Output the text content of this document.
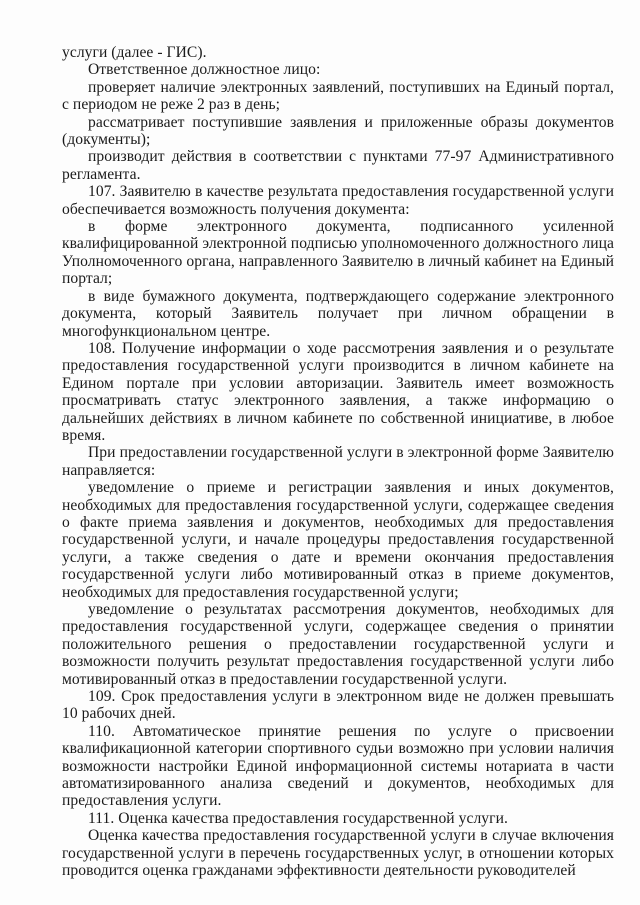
услуги (далее - ГИС).

Ответственное должностное лицо:

проверяет наличие электронных заявлений, поступивших на Единый портал, с периодом не реже 2 раз в день;

рассматривает поступившие заявления и приложенные образы документов (документы);

производит действия в соответствии с пунктами 77-97 Административного регламента.

107. Заявителю в качестве результата предоставления государственной услуги обеспечивается возможность получения документа:

в форме электронного документа, подписанного усиленной квалифицированной электронной подписью уполномоченного должностного лица Уполномоченного органа, направленного Заявителю в личный кабинет на Единый портал;

в виде бумажного документа, подтверждающего содержание электронного документа, который Заявитель получает при личном обращении в многофункциональном центре.

108. Получение информации о ходе рассмотрения заявления и о результате предоставления государственной услуги производится в личном кабинете на Едином портале при условии авторизации. Заявитель имеет возможность просматривать статус электронного заявления, а также информацию о дальнейших действиях в личном кабинете по собственной инициативе, в любое время.

При предоставлении государственной услуги в электронной форме Заявителю направляется:

уведомление о приеме и регистрации заявления и иных документов, необходимых для предоставления государственной услуги, содержащее сведения о факте приема заявления и документов, необходимых для предоставления государственной услуги, и начале процедуры предоставления государственной услуги, а также сведения о дате и времени окончания предоставления государственной услуги либо мотивированный отказ в приеме документов, необходимых для предоставления государственной услуги;

уведомление о результатах рассмотрения документов, необходимых для предоставления государственной услуги, содержащее сведения о принятии положительного решения о предоставлении государственной услуги и возможности получить результат предоставления государственной услуги либо мотивированный отказ в предоставлении государственной услуги.

109. Срок предоставления услуги в электронном виде не должен превышать 10 рабочих дней.

110. Автоматическое принятие решения по услуге о присвоении квалификационной категории спортивного судьи возможно при условии наличия возможности настройки Единой информационной системы нотариата в части автоматизированного анализа сведений и документов, необходимых для предоставления услуги.

111. Оценка качества предоставления государственной услуги.

Оценка качества предоставления государственной услуги в случае включения государственной услуги в перечень государственных услуг, в отношении которых проводится оценка гражданами эффективности деятельности руководителей
